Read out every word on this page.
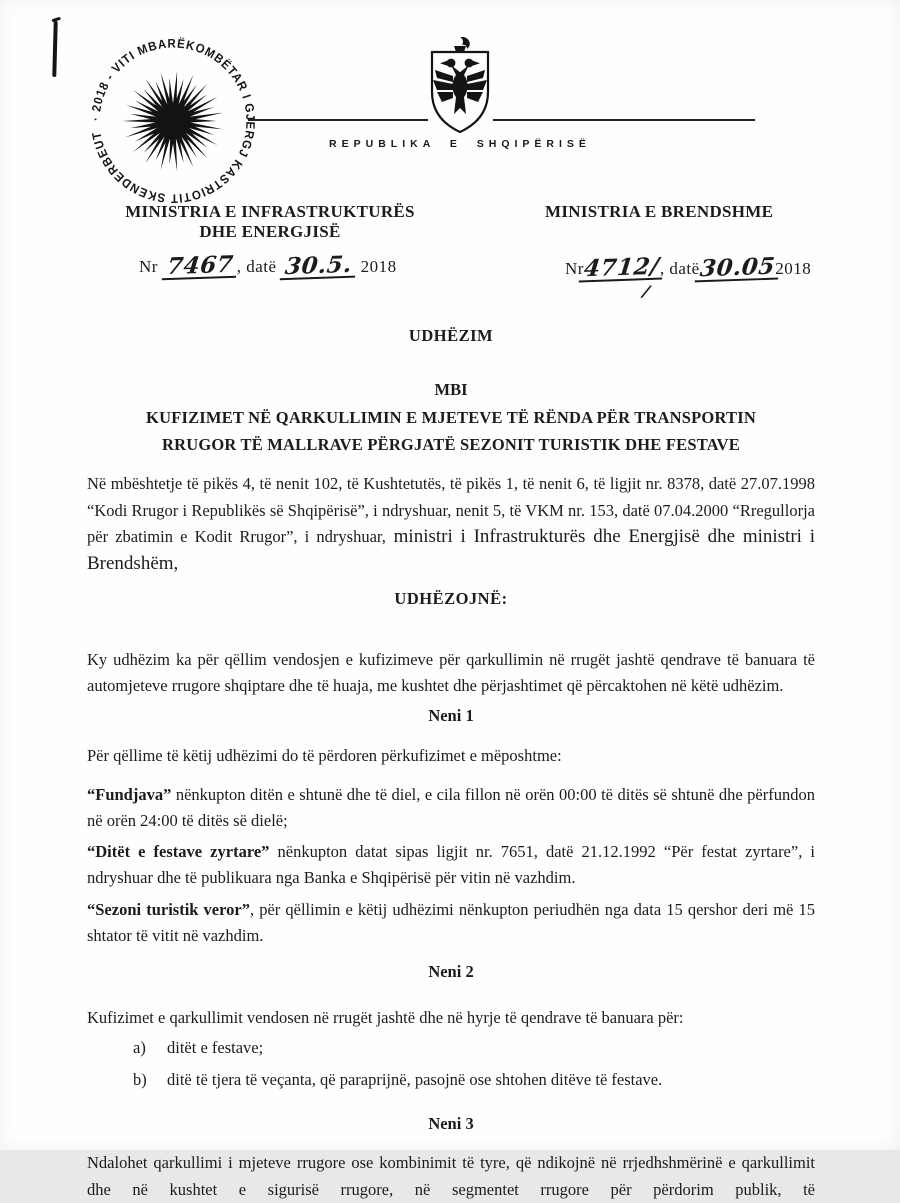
· 2018 - VITI MBARËKOMBËTAR I GJERGJ KASTRIOTIT SKENDERBEUT
REPUBLIKA E SHQIPËRISË
MINISTRIA E INFRASTRUKTURËS
DHE ENERGJISË
Nr 7467 , datë 30.5. 2018
MINISTRIA E BRENDSHME
Nr4712/, datë30.052018
/
UDHËZIM
MBI
KUFIZIMET NË QARKULLIMIN E MJETEVE TË RËNDA PËR TRANSPORTIN
RRUGOR TË MALLRAVE PËRGJATË SEZONIT TURISTIK DHE FESTAVE

Në mbështetje të pikës 4, të nenit 102, të Kushtetutës, të pikës 1, të nenit 6, të ligjit nr. 8378, datë 27.07.1998 “Kodi Rrugor i Republikës së Shqipërisë”, i ndryshuar, nenit 5, të VKM nr. 153, datë 07.04.2000 “Rregullorja për zbatimin e Kodit Rrugor”, i ndryshuar, ministri i Infrastrukturës dhe Energjisë dhe ministri i Brendshëm,

UDHËZOJNË:

Ky udhëzim ka për qëllim vendosjen e kufizimeve për qarkullimin në rrugët jashtë qendrave të banuara të automjeteve rrugore shqiptare dhe të huaja, me kushtet dhe përjashtimet që përcaktohen në këtë udhëzim.

Neni 1

Për qëllime të këtij udhëzimi do të përdoren përkufizimet e mëposhtme:

“Fundjava” nënkupton ditën e shtunë dhe të diel, e cila fillon në orën 00:00 të ditës së shtunë dhe përfundon në orën 24:00 të ditës së dielë;

“Ditët e festave zyrtare” nënkupton datat sipas ligjit nr. 7651, datë 21.12.1992 “Për festat zyrtare”, i ndryshuar dhe të publikuara nga Banka e Shqipërisë për vitin në vazhdim.

“Sezoni turistik veror”, për qëllimin e këtij udhëzimi nënkupton periudhën nga data 15 qershor deri më 15 shtator të vitit në vazhdim.

Neni 2

Kufizimet e qarkullimit vendosen në rrugët jashtë dhe në hyrje të qendrave të banuara për:

a)	ditët e festave;

b)	ditë të tjera të veçanta, që paraprijnë, pasojnë ose shtohen ditëve të festave.

Neni 3

Ndalohet qarkullimi i mjeteve rrugore ose kombinimit të tyre, që ndikojnë në rrjedhshmërinë e qarkullimit dhe në kushtet e sigurisë rrugore, në segmentet rrugore për përdorim publik, të
